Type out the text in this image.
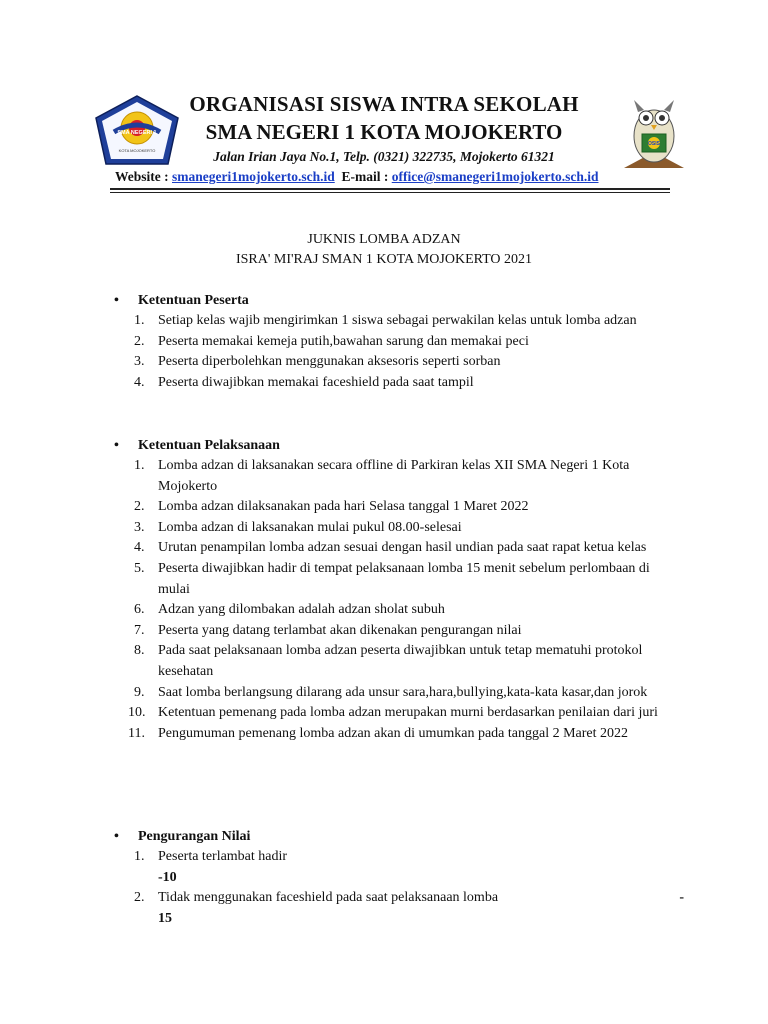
SMA NEGERI 1
KOTA MOJOKERTO
OSIS
ORGANISASI SISWA INTRA SEKOLAH
SMA NEGERI 1 KOTA MOJOKERTO
Jalan Irian Jaya No.1, Telp. (0321) 322735, Mojokerto 61321
Website : smanegeri1mojokerto.sch.id E-mail : office@smanegeri1mojokerto.sch.id
JUKNIS LOMBA ADZAN
ISRA' MI'RAJ SMAN 1 KOTA MOJOKERTO 2021
• Ketentuan Peserta
1. Setiap kelas wajib mengirimkan 1 siswa sebagai perwakilan kelas untuk lomba adzan
2. Peserta memakai kemeja putih,bawahan sarung dan memakai peci
3. Peserta diperbolehkan menggunakan aksesoris seperti sorban
4. Peserta diwajibkan memakai faceshield pada saat tampil
• Ketentuan Pelaksanaan
1. Lomba adzan di laksanakan secara offline di Parkiran kelas XII SMA Negeri 1 Kota Mojokerto
2. Lomba adzan dilaksanakan pada hari Selasa tanggal 1 Maret 2022
3. Lomba adzan di laksanakan mulai pukul 08.00-selesai
4. Urutan penampilan lomba adzan sesuai dengan hasil undian pada saat rapat ketua kelas
5. Peserta diwajibkan hadir di tempat pelaksanaan lomba 15 menit sebelum perlombaan di mulai
6. Adzan yang dilombakan adalah adzan sholat subuh
7. Peserta yang datang terlambat akan dikenakan pengurangan nilai
8. Pada saat pelaksanaan lomba adzan peserta diwajibkan untuk tetap mematuhi protokol kesehatan
9. Saat lomba berlangsung dilarang ada unsur sara,hara,bullying,kata-kata kasar,dan jorok
10. Ketentuan pemenang pada lomba adzan merupakan murni berdasarkan penilaian dari juri
11. Pengumuman pemenang lomba adzan akan di umumkan pada tanggal 2 Maret 2022
• Pengurangan Nilai
1. Peserta terlambat hadir
-10
2. Tidak menggunakan faceshield pada saat pelaksanaan lomba	-
15
